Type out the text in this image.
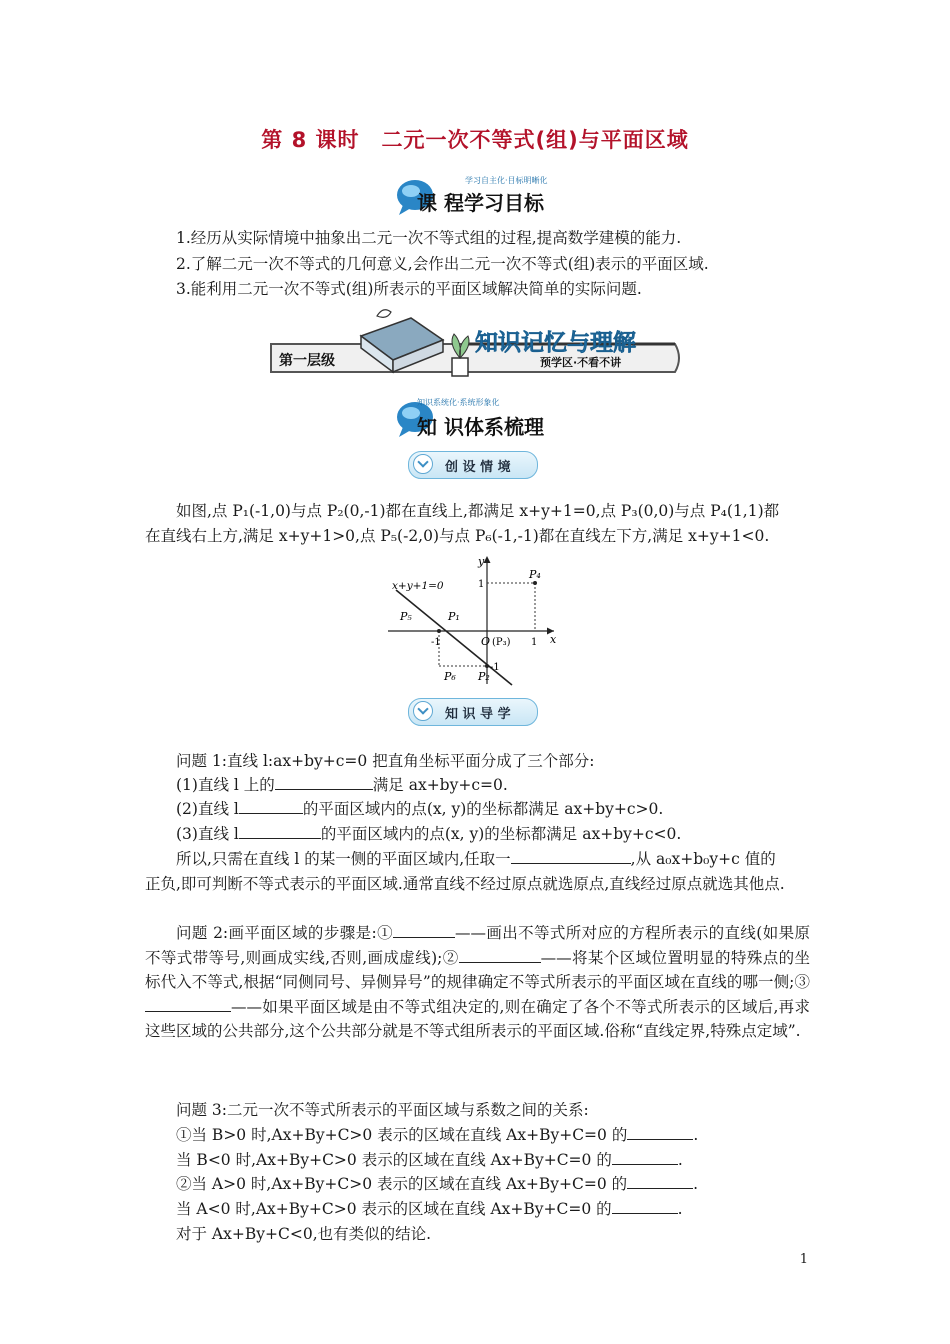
第 8 课时　二元一次不等式(组)与平面区域
学习自主化·目标明晰化
课 程学习目标
1.经历从实际情境中抽象出二元一次不等式组的过程,提高数学建模的能力.
2.了解二元一次不等式的几何意义,会作出二元一次不等式(组)表示的平面区域.
3.能利用二元一次不等式(组)所表示的平面区域解决简单的实际问题.
第一层级
知识记忆与理解
预学区·不看不讲
知识系统化·系统形象化
知 识体系梳理
创 设 情 境
如图,点 P₁(-1,0)与点 P₂(0,-1)都在直线上,都满足 x+y+1=0,点 P₃(0,0)与点 P₄(1,1)都
在直线右上方,满足 x+y+1>0,点 P₅(-2,0)与点 P₆(-1,-1)都在直线左下方,满足 x+y+1<0.
x+y+1=0
y
x
P₄
P₅	P₁
P₆ P₂
O (P₃) 1
-1
1
-1
知 识 导 学
问题 1:直线 l:ax+by+c=0 把直角坐标平面分成了三个部分:
(1)直线 l 上的	满足 ax+by+c=0.
(2)直线 l	的平面区域内的点(x, y)的坐标都满足 ax+by+c>0.
(3)直线 l	的平面区域内的点(x, y)的坐标都满足 ax+by+c<0.
所以,只需在直线 l 的某一侧的平面区域内,任取一	,从 a₀x+b₀y+c 值的
正负,即可判断不等式表示的平面区域.通常直线不经过原点就选原点,直线经过原点就选其他点.
问题 2:画平面区域的步骤是:①	——画出不等式所对应的方程所表示的直线(如果原不等式带等号,则画成实线,否则,画成虚线);②	——将某个区域位置明显的特殊点的坐标代入不等式,根据“同侧同号、异侧异号”的规律确定不等式所表示的平面区域在直线的哪一侧;③——如果平面区域是由不等式组决定的,则在确定了各个不等式所表示的区域后,再求这些区域的公共部分,这个公共部分就是不等式组所表示的平面区域.俗称“直线定界,特殊点定域”.
问题 3:二元一次不等式所表示的平面区域与系数之间的关系:
①当 B>0 时,Ax+By+C>0 表示的区域在直线 Ax+By+C=0 的	.
当 B<0 时,Ax+By+C>0 表示的区域在直线 Ax+By+C=0 的	.
②当 A>0 时,Ax+By+C>0 表示的区域在直线 Ax+By+C=0 的	.
当 A<0 时,Ax+By+C>0 表示的区域在直线 Ax+By+C=0 的	.
对于 Ax+By+C<0,也有类似的结论.
1
